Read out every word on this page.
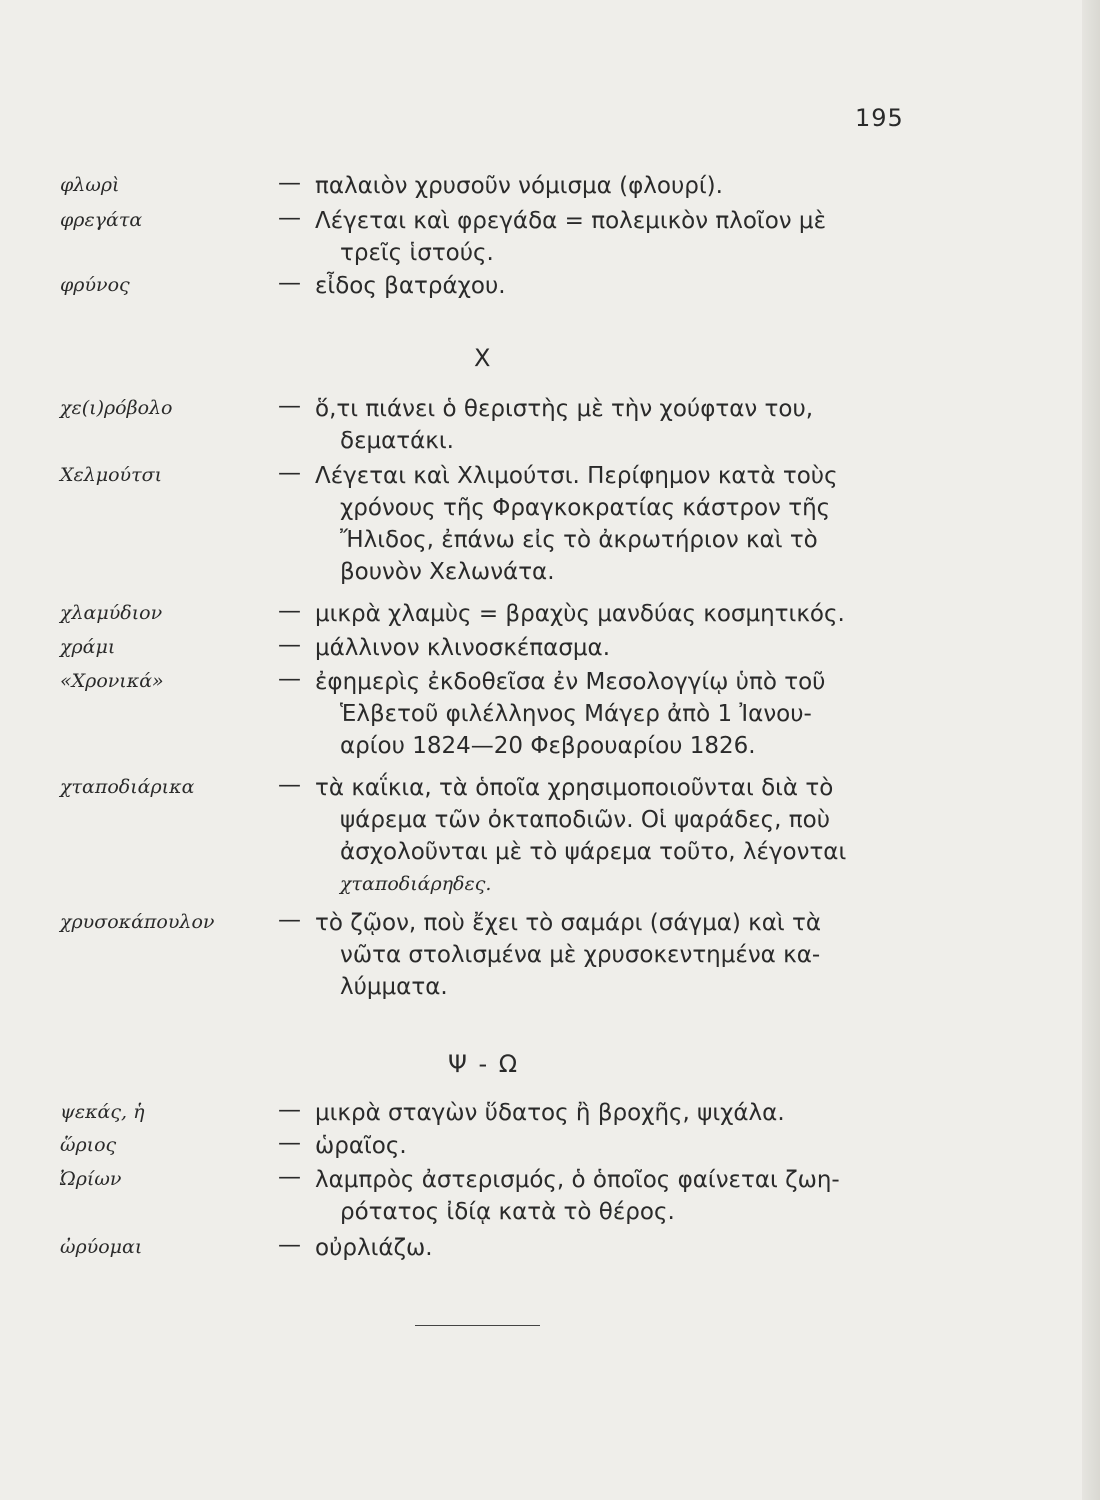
195
φλωρὶ	— παλαιὸν χρυσοῦν νόμισμα (φλουρί).
φρεγάτα	— Λέγεται καὶ φρεγάδα = πολεμικὸν πλοῖον μὲ
τρεῖς ἱστούς.
φρύνος	— εἶδος βατράχου.
Χ
χε(ι)ρόβολο	— ὅ,τι πιάνει ὁ θεριστὴς μὲ τὴν χούφταν του,
δεματάκι.
Χελμούτσι	— Λέγεται καὶ Χλιμούτσι. Περίφημον κατὰ τοὺς
χρόνους τῆς Φραγκοκρατίας κάστρον τῆς
Ἤλιδος, ἐπάνω εἰς τὸ ἀκρωτήριον καὶ τὸ
βουνὸν Χελωνάτα.
χλαμύδιον	— μικρὰ χλαμὺς = βραχὺς μανδύας κοσμητικός.
χράμι	— μάλλινον κλινοσκέπασμα.
«Χρονικά»	— ἐφημερὶς ἐκδοθεῖσα ἐν Μεσολογγίῳ ὑπὸ τοῦ
Ἑλβετοῦ φιλέλληνος Μάγερ ἀπὸ 1 Ἰανου-
αρίου 1824—20 Φεβρουαρίου 1826.
χταποδιάρικα	— τὰ καΐκια, τὰ ὁποῖα χρησιμοποιοῦνται διὰ τὸ
ψάρεμα τῶν ὀκταποδιῶν. Οἱ ψαράδες, ποὺ
ἀσχολοῦνται μὲ τὸ ψάρεμα τοῦτο, λέγονται
χταποδιάρηδες.
χρυσοκάπουλον	— τὸ ζῷον, ποὺ ἔχει τὸ σαμάρι (σάγμα) καὶ τὰ
νῶτα στολισμένα μὲ χρυσοκεντημένα κα-
λύμματα.
Ψ - Ω
ψεκάς, ἡ	— μικρὰ σταγὼν ὕδατος ἢ βροχῆς, ψιχάλα.
ὥριος	— ὡραῖος.
Ὠρίων	— λαμπρὸς ἀστερισμός, ὁ ὁποῖος φαίνεται ζωη-
ρότατος ἰδίᾳ κατὰ τὸ θέρος.
ὠρύομαι	— οὐρλιάζω.
